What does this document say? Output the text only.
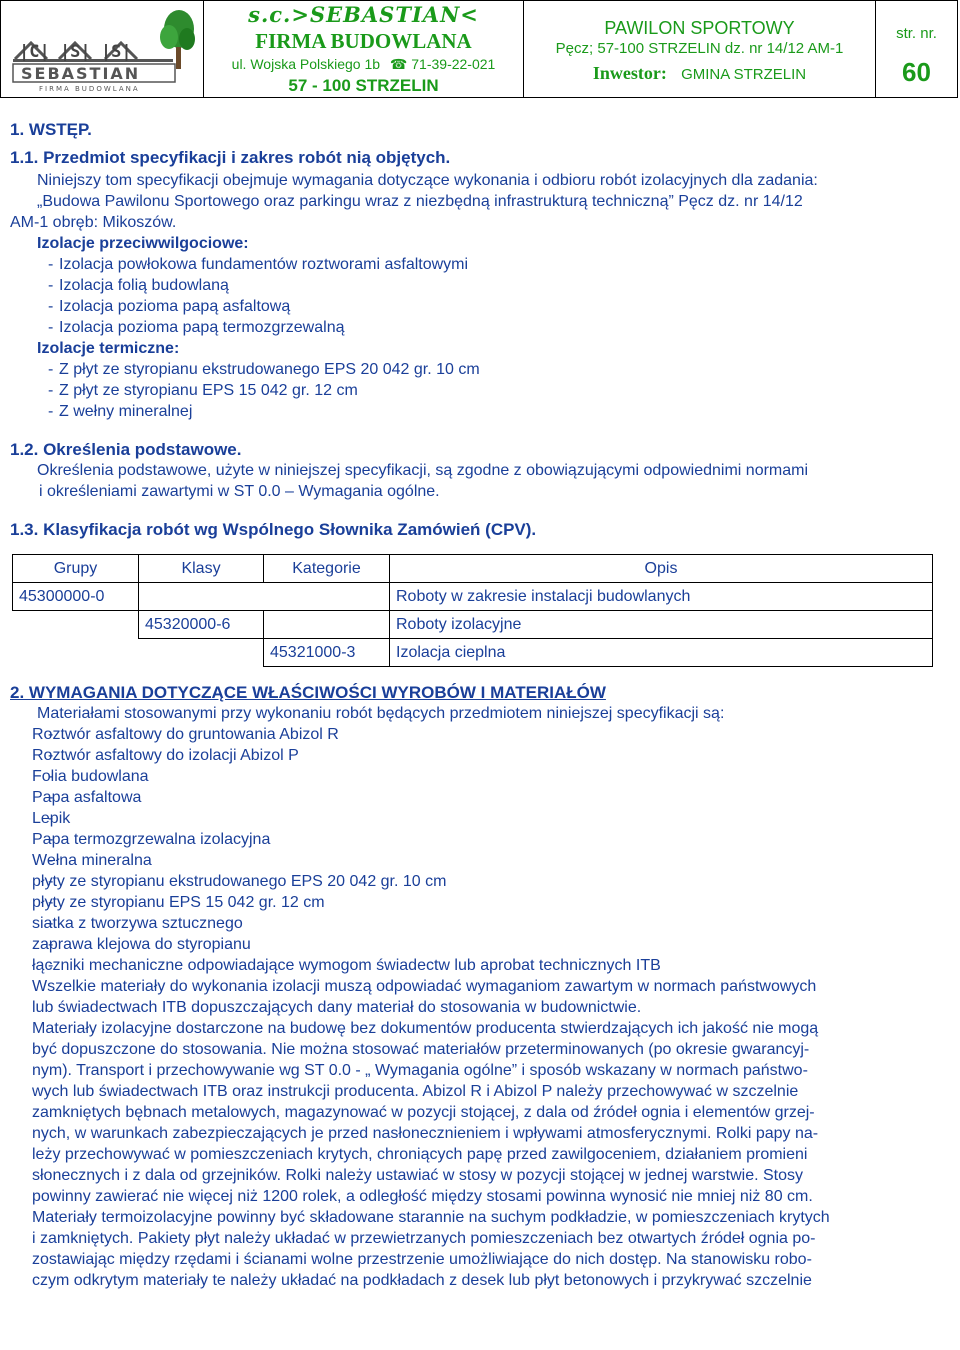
|C| |S| |S|
SEBASTIAN
FIRMA BUDOWLANA
s.c.>SEBASTIAN<
FIRMA BUDOWLANA
ul. Wojska Polskiego 1b ☎ 71-39-22-021
57 - 100 STRZELIN
PAWILON SPORTOWY
Pęcz; 57-100 STRZELIN dz. nr 14/12 AM-1
Inwestor: GMINA STRZELIN
str. nr.
60
1. WSTĘP.
1.1. Przedmiot specyfikacji i zakres robót nią objętych.
Niniejszy tom specyfikacji obejmuje wymagania dotyczące wykonania i odbioru robót izolacyjnych dla zadania:
„Budowa Pawilonu Sportowego oraz parkingu wraz z niezbędną infrastrukturą techniczną” Pęcz dz. nr 14/12
AM-1 obręb: Mikoszów.
Izolacje przeciwwilgociowe:
- Izolacja powłokowa fundamentów roztworami asfaltowymi
- Izolacja folią budowlaną
- Izolacja pozioma papą asfaltową
- Izolacja pozioma papą termozgrzewalną
Izolacje termiczne:
- Z płyt ze styropianu ekstrudowanego EPS 20 042 gr. 10 cm
- Z płyt ze styropianu EPS 15 042 gr. 12 cm
- Z wełny mineralnej
1.2. Określenia podstawowe.
Określenia podstawowe, użyte w niniejszej specyfikacji, są zgodne z obowiązującymi odpowiednimi normami
i określeniami zawartymi w ST 0.0 – Wymagania ogólne.
1.3. Klasyfikacja robót wg Wspólnego Słownika Zamówień (CPV).
Grupy	Klasy	Kategorie	Opis
45300000-0			Roboty w zakresie instalacji budowlanych
	45320000-6		Roboty izolacyjne
		45321000-3	Izolacja cieplna
2. WYMAGANIA DOTYCZĄCE WŁAŚCIWOŚCI WYROBÓW I MATERIAŁÓW
Materiałami stosowanymi przy wykonaniu robót będących przedmiotem niniejszej specyfikacji są:
- Roztwór asfaltowy do gruntowania Abizol R
- Roztwór asfaltowy do izolacji Abizol P
- Folia budowlana
- Papa asfaltowa
- Lepik
- Papa termozgrzewalna izolacyjna
- Wełna mineralna
- płyty ze styropianu ekstrudowanego EPS 20 042 gr. 10 cm
- płyty ze styropianu EPS 15 042 gr. 12 cm
- siatka z tworzywa sztucznego
- zaprawa klejowa do styropianu
- łączniki mechaniczne odpowiadające wymogom świadectw lub aprobat technicznych ITB
Wszelkie materiały do wykonania izolacji muszą odpowiadać wymaganiom zawartym w normach państwowych
lub świadectwach ITB dopuszczających dany materiał do stosowania w budownictwie.
Materiały izolacyjne dostarczone na budowę bez dokumentów producenta stwierdzających ich jakość nie mogą
być dopuszczone do stosowania. Nie można stosować materiałów przeterminowanych (po okresie gwarancyj-
nym). Transport i przechowywanie wg ST 0.0 - „ Wymagania ogólne” i sposób wskazany w normach państwo-
wych lub świadectwach ITB oraz instrukcji producenta. Abizol R i Abizol P należy przechowywać w szczelnie
zamkniętych bębnach metalowych, magazynować w pozycji stojącej, z dala od źródeł ognia i elementów grzej-
nych, w warunkach zabezpieczających je przed nasłonecznieniem i wpływami atmosferycznymi. Rolki papy na-
leży przechowywać w pomieszczeniach krytych, chroniących papę przed zawilgoceniem, działaniem promieni
słonecznych i z dala od grzejników. Rolki należy ustawiać w stosy w pozycji stojącej w jednej warstwie. Stosy
powinny zawierać nie więcej niż 1200 rolek, a odległość między stosami powinna wynosić nie mniej niż 80 cm.
Materiały termoizolacyjne powinny być składowane starannie na suchym podkładzie, w pomieszczeniach krytych
i zamkniętych. Pakiety płyt należy układać w przewietrzanych pomieszczeniach bez otwartych źródeł ognia po-
zostawiając między rzędami i ścianami wolne przestrzenie umożliwiające do nich dostęp. Na stanowisku robo-
czym odkrytym materiały te należy układać na podkładach z desek lub płyt betonowych i przykrywać szczelnie
